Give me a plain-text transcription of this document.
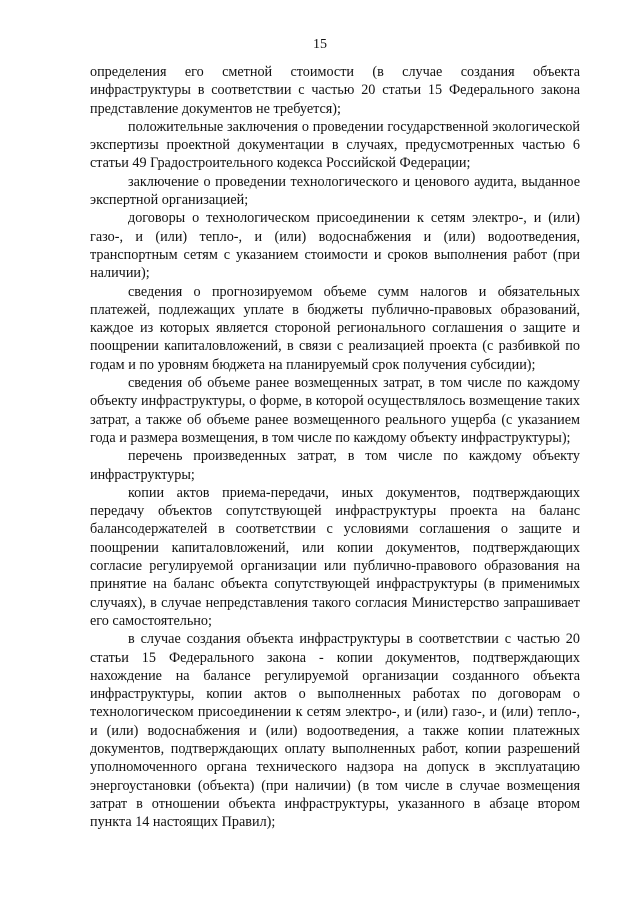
15

определения его сметной стоимости (в случае создания объекта инфраструктуры в соответствии с частью 20 статьи 15 Федерального закона представление документов не требуется);

положительные заключения о проведении государственной экологической экспертизы проектной документации в случаях, предусмотренных частью 6 статьи 49 Градостроительного кодекса Российской Федерации;

заключение о проведении технологического и ценового аудита, выданное экспертной организацией;

договоры о технологическом присоединении к сетям электро-, и (или) газо-, и (или) тепло-, и (или) водоснабжения и (или) водоотведения, транспортным сетям с указанием стоимости и сроков выполнения работ (при наличии);

сведения о прогнозируемом объеме сумм налогов и обязательных платежей, подлежащих уплате в бюджеты публично-правовых образований, каждое из которых является стороной регионального соглашения о защите и поощрении капиталовложений, в связи с реализацией проекта (с разбивкой по годам и по уровням бюджета на планируемый срок получения субсидии);

сведения об объеме ранее возмещенных затрат, в том числе по каждому объекту инфраструктуры, о форме, в которой осуществлялось возмещение таких затрат, а также об объеме ранее возмещенного реального ущерба (с указанием года и размера возмещения, в том числе по каждому объекту инфраструктуры);

перечень произведенных затрат, в том числе по каждому объекту инфраструктуры;

копии актов приема-передачи, иных документов, подтверждающих передачу объектов сопутствующей инфраструктуры проекта на баланс балансодержателей в соответствии с условиями соглашения о защите и поощрении капиталовложений, или копии документов, подтверждающих согласие регулируемой организации или публично-правового образования на принятие на баланс объекта сопутствующей инфраструктуры (в применимых случаях), в случае непредставления такого согласия Министерство запрашивает его самостоятельно;

в случае создания объекта инфраструктуры в соответствии с частью 20 статьи 15 Федерального закона - копии документов, подтверждающих нахождение на балансе регулируемой организации созданного объекта инфраструктуры, копии актов о выполненных работах по договорам о технологическом присоединении к сетям электро-, и (или) газо-, и (или) тепло-, и (или) водоснабжения и (или) водоотведения, а также копии платежных документов, подтверждающих оплату выполненных работ, копии разрешений уполномоченного органа технического надзора на допуск в эксплуатацию энергоустановки (объекта) (при наличии) (в том числе в случае возмещения затрат в отношении объекта инфраструктуры, указанного в абзаце втором пункта 14 настоящих Правил);
